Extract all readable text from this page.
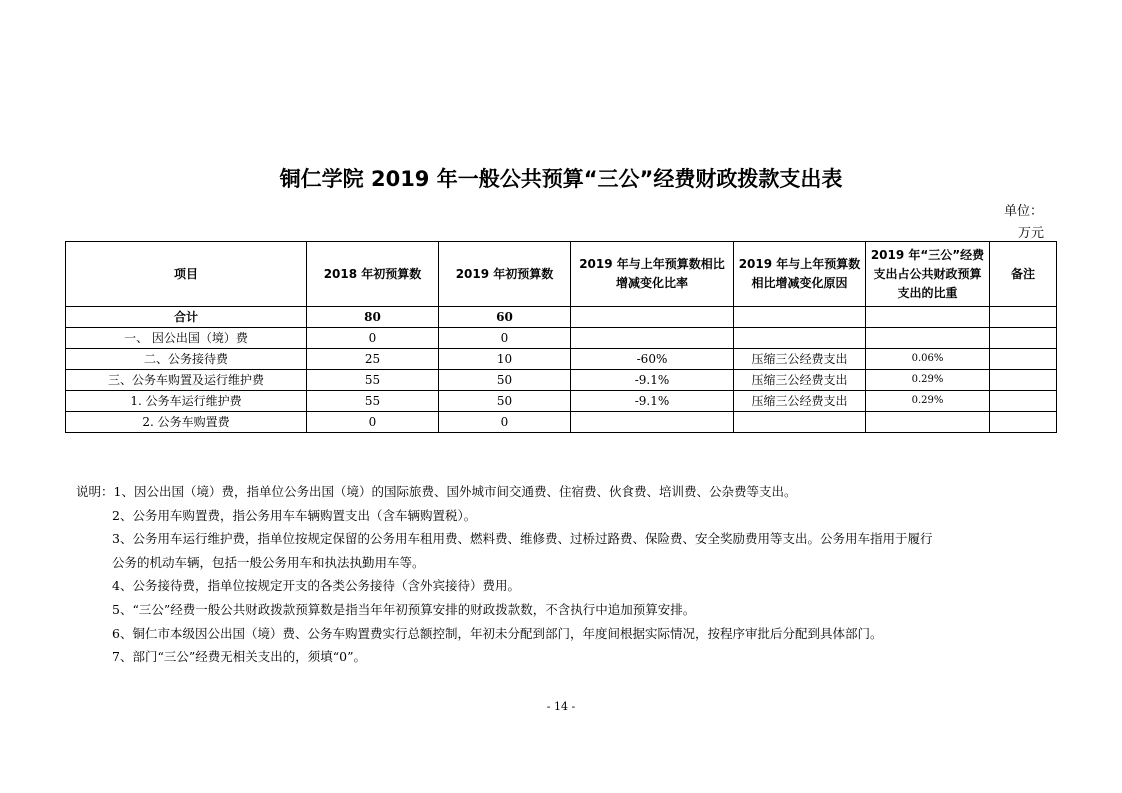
铜仁学院 2019 年一般公共预算“三公”经费财政拨款支出表
单位：
万元
项目	2018 年初预算数	2019 年初预算数	2019 年与上年预算数相比增减变化比率	2019 年与上年预算数相比增减变化原因	2019 年“三公”经费支出占公共财政预算支出的比重	备注
合计	80	60				
一、 因公出国（境）费	0	0				
二、公务接待费	25	10	-60%	压缩三公经费支出	0.06%	
三、公务车购置及运行维护费	55	50	-9.1%	压缩三公经费支出	0.29%	
1. 公务车运行维护费	55	50	-9.1%	压缩三公经费支出	0.29%	
2. 公务车购置费	0	0				
说明：1、因公出国（境）费，指单位公务出国（境）的国际旅费、国外城市间交通费、住宿费、伙食费、培训费、公杂费等支出。
2、公务用车购置费，指公务用车车辆购置支出（含车辆购置税）。
3、公务用车运行维护费，指单位按规定保留的公务用车租用费、燃料费、维修费、过桥过路费、保险费、安全奖励费用等支出。公务用车指用于履行
公务的机动车辆，包括一般公务用车和执法执勤用车等。
4、公务接待费，指单位按规定开支的各类公务接待（含外宾接待）费用。
5、“三公”经费一般公共财政拨款预算数是指当年年初预算安排的财政拨款数，不含执行中追加预算安排。
6、铜仁市本级因公出国（境）费、公务车购置费实行总额控制，年初未分配到部门，年度间根据实际情况，按程序审批后分配到具体部门。
7、部门“三公”经费无相关支出的，须填“0”。
- 14 -
